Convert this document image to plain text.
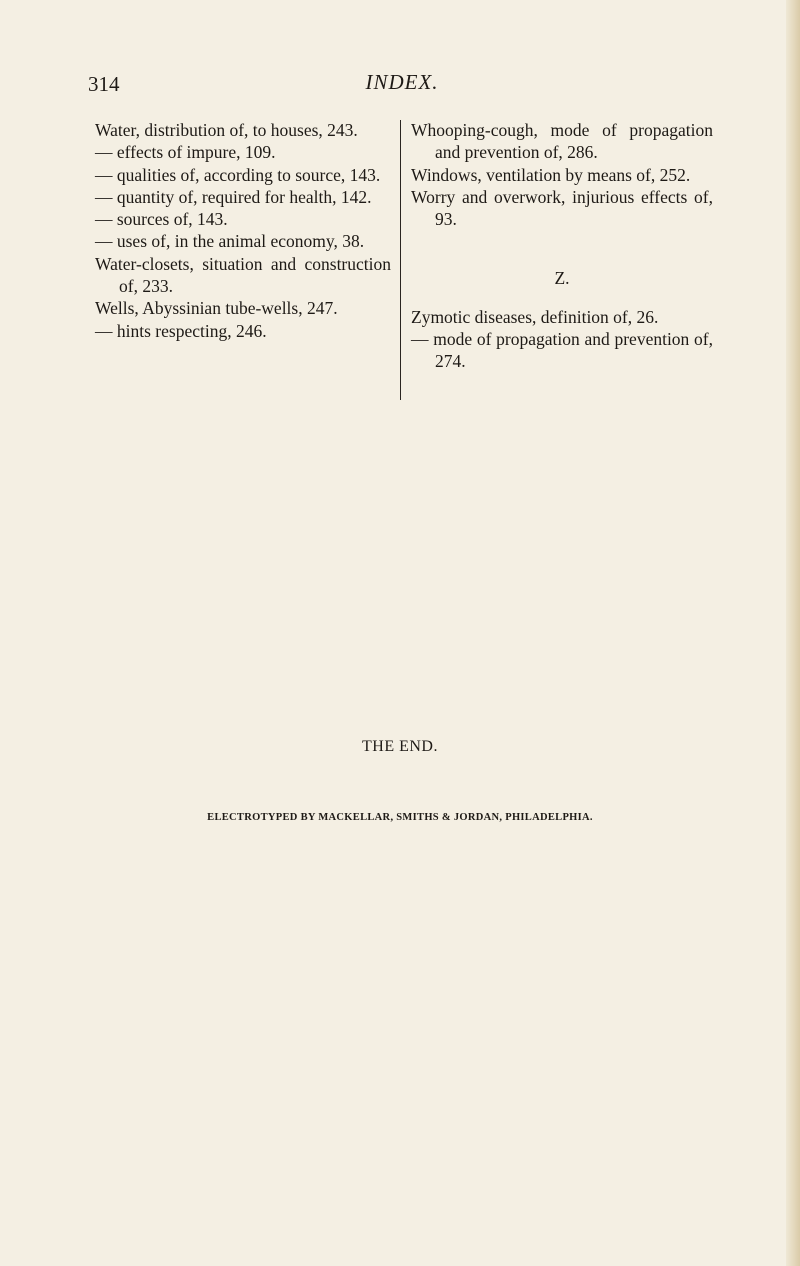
314	INDEX.

Water, distribution of, to houses, 243.

— effects of impure, 109.

— qualities of, according to source, 143.

— quantity of, required for health, 142.

— sources of, 143.

— uses of, in the animal economy, 38.

Water-closets, situation and construction of, 233.

Wells, Abyssinian tube-wells, 247.

— hints respecting, 246.

Whooping-cough, mode of propagation and prevention of, 286.

Windows, ventilation by means of, 252.

Worry and overwork, injurious effects of, 93.

Z.

Zymotic diseases, definition of, 26.

— mode of propagation and prevention of, 274.

THE END.
ELECTROTYPED BY MACKELLAR, SMITHS & JORDAN, PHILADELPHIA.
